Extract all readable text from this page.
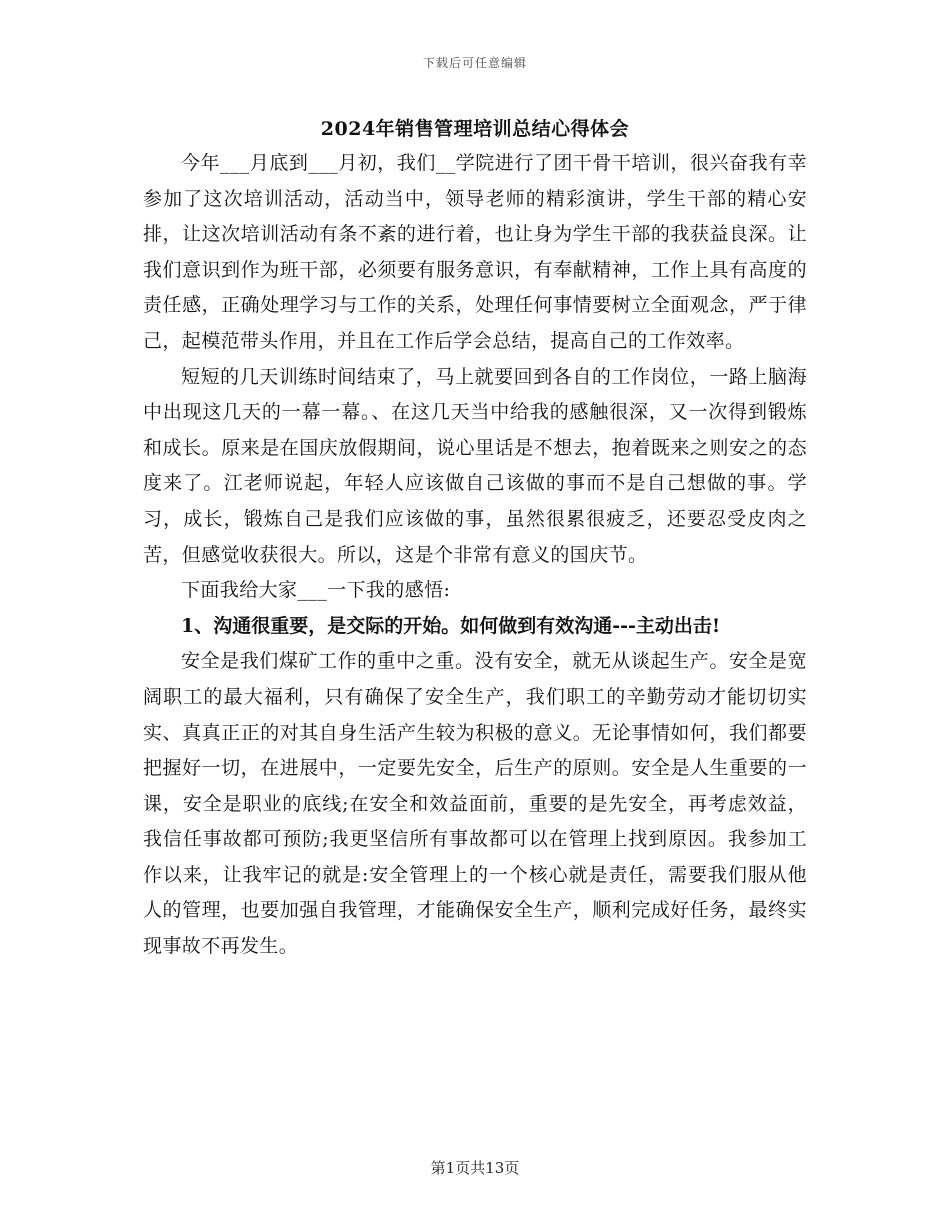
下载后可任意编辑
2024年销售管理培训总结心得体会

今年___月底到___月初，我们__学院进行了团干骨干培训，很兴奋我有幸参加了这次培训活动，活动当中，领导老师的精彩演讲，学生干部的精心安排，让这次培训活动有条不紊的进行着，也让身为学生干部的我获益良深。让我们意识到作为班干部，必须要有服务意识，有奉献精神，工作上具有高度的责任感，正确处理学习与工作的关系，处理任何事情要树立全面观念，严于律己，起模范带头作用，并且在工作后学会总结，提高自己的工作效率。

短短的几天训练时间结束了，马上就要回到各自的工作岗位，一路上脑海中出现这几天的一幕一幕。、在这几天当中给我的感触很深，又一次得到锻炼和成长。原来是在国庆放假期间，说心里话是不想去，抱着既来之则安之的态度来了。江老师说起，年轻人应该做自己该做的事而不是自己想做的事。学习，成长，锻炼自己是我们应该做的事，虽然很累很疲乏，还要忍受皮肉之苦，但感觉收获很大。所以，这是个非常有意义的国庆节。

下面我给大家___一下我的感悟:

1、沟通很重要，是交际的开始。如何做到有效沟通---主动出击!

安全是我们煤矿工作的重中之重。没有安全，就无从谈起生产。安全是宽阔职工的最大福利，只有确保了安全生产，我们职工的辛勤劳动才能切切实实、真真正正的对其自身生活产生较为积极的意义。无论事情如何，我们都要把握好一切，在进展中，一定要先安全，后生产的原则。安全是人生重要的一课，安全是职业的底线;在安全和效益面前，重要的是先安全，再考虑效益，我信任事故都可预防;我更坚信所有事故都可以在管理上找到原因。我参加工作以来，让我牢记的就是:安全管理上的一个核心就是责任，需要我们服从他人的管理，也要加强自我管理，才能确保安全生产，顺利完成好任务，最终实现事故不再发生。

第1页共13页
